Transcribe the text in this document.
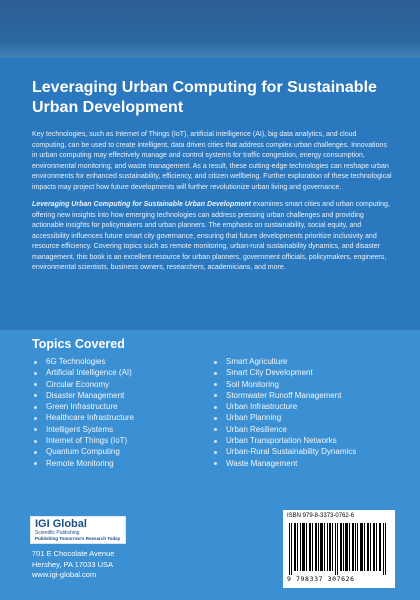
Leveraging Urban Computing for Sustainable
Urban Development

Key technologies, such as Internet of Things (IoT), artificial intelligence (AI), big data analytics, and cloud computing, can be used to create intelligent, data driven cities that address complex urban challenges. Innovations in urban computing may effectively manage and control systems for traffic congestion, energy consumption, environmental monitoring, and waste management. As a result, these cutting-edge technologies can reshape urban environments for enhanced sustainability, efficiency, and citizen wellbeing. Further exploration of these technological impacts may project how future developments will further revolutionize urban living and governance.

Leveraging Urban Computing for Sustainable Urban Development examines smart cities and urban computing, offering new insights into how emerging technologies can address pressing urban challenges and providing actionable insights for policymakers and urban planners. The emphasis on sustainability, social equity, and accessibility influences future smart city governance, ensuring that future developments prioritize inclusivity and resource efficiency. Covering topics such as remote monitoring, urban-rural sustainability dynamics, and disaster management, this book is an excellent resource for urban planners, government officials, policymakers, engineers, environmental scientists, business owners, researchers, academicians, and more.

Topics Covered
6G Technologies
Artificial Intelligence (AI)
Circular Economy
Disaster Management
Green Infrastructure
Healthcare Infrastructure
Intelligent Systems
Internet of Things (IoT)
Quantum Computing
Remote Monitoring
Smart Agriculture
Smart City Development
Soil Monitoring
Stormwater Runoff Management
Urban Infrastructure
Urban Planning
Urban Resilience
Urban Transportation Networks
Urban-Rural Sustainability Dynamics
Waste Management
IGI Global
Scientific Publishing
Publishing Tomorrow's Research Today
701 E Chocolate Avenue
Hershey, PA 17033 USA
www.igi-global.com
ISBN 979-8-3373-0762-6
9 798337 307626
